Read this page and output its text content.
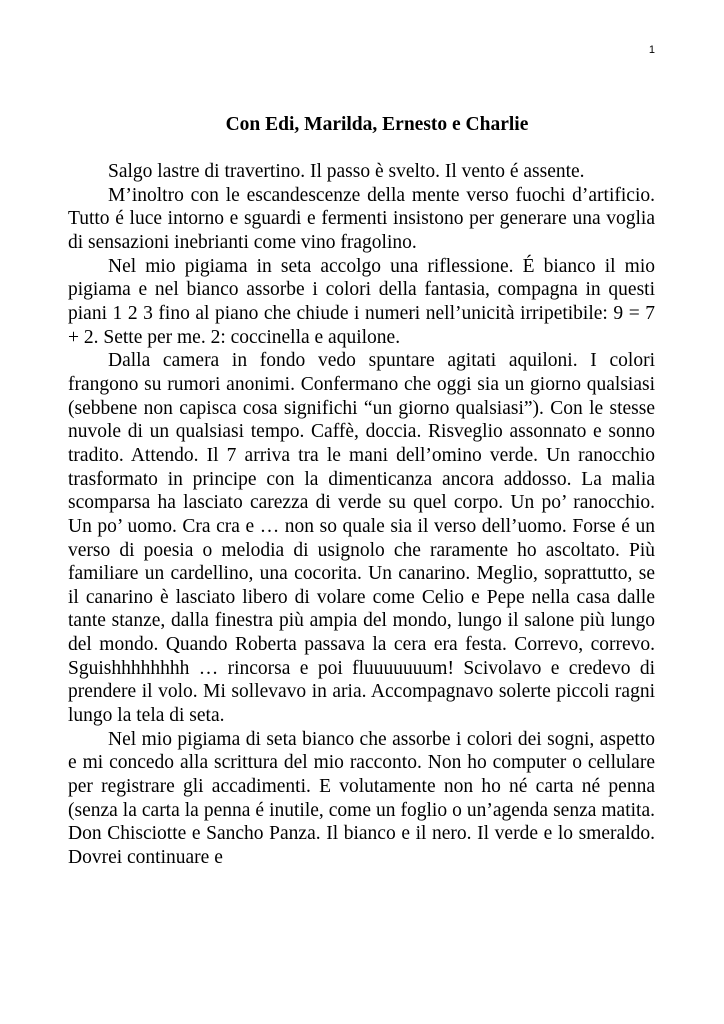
1
Con Edi, Marilda, Ernesto e Charlie

Salgo lastre di travertino. Il passo è svelto. Il vento é assente.

M’inoltro con le escandescenze della mente verso fuochi d’artificio. Tutto é luce intorno e sguardi e fermenti insistono per generare una voglia di sensazioni inebrianti come vino fragolino.

Nel mio pigiama in seta accolgo una riflessione. É bianco il mio pigiama e nel bianco assorbe i colori della fantasia, compagna in questi piani 1 2 3 fino al piano che chiude i numeri nell’unicità irripetibile: 9 = 7 + 2. Sette per me. 2: coccinella e aquilone.

Dalla camera in fondo vedo spuntare agitati aquiloni. I colori frangono su rumori anonimi. Confermano che oggi sia un giorno qualsiasi (sebbene non capisca cosa significhi “un giorno qualsiasi”). Con le stesse nuvole di un qualsiasi tempo. Caffè, doccia. Risveglio assonnato e sonno tradito. Attendo. Il 7 arriva tra le mani dell’omino verde. Un ranocchio trasformato in principe con la dimenticanza ancora addosso. La malia scomparsa ha lasciato carezza di verde su quel corpo. Un po’ ranocchio. Un po’ uomo. Cra cra e … non so quale sia il verso dell’uomo. Forse é un verso di poesia o melodia di usignolo che raramente ho ascoltato. Più familiare un cardellino, una cocorita. Un canarino. Meglio, soprattutto, se il canarino è lasciato libero di volare come Celio e Pepe nella casa dalle tante stanze, dalla finestra più ampia del mondo, lungo il salone più lungo del mondo. Quando Roberta passava la cera era festa. Correvo, correvo. Sguishhhhhhhh … rincorsa e poi fluuuuuuum! Scivolavo e credevo di prendere il volo. Mi sollevavo in aria. Accompagnavo solerte piccoli ragni lungo la tela di seta.

Nel mio pigiama di seta bianco che assorbe i colori dei sogni, aspetto e mi concedo alla scrittura del mio racconto. Non ho computer o cellulare per registrare gli accadimenti. E volutamente non ho né carta né penna (senza la carta la penna é inutile, come un foglio o un’agenda senza matita. Don Chisciotte e Sancho Panza. Il bianco e il nero. Il verde e lo smeraldo. Dovrei continuare e
